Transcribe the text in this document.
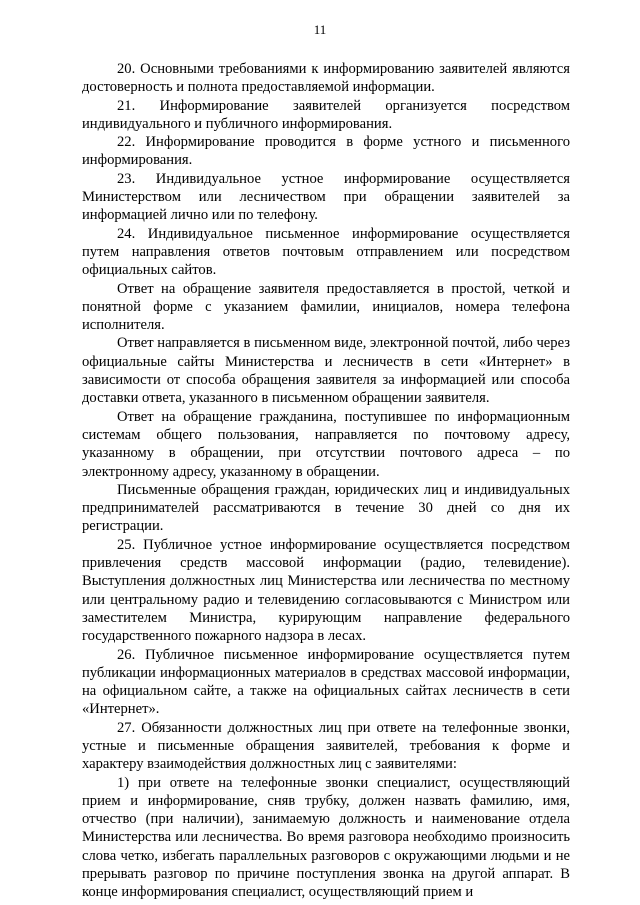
11

20. Основными требованиями к информированию заявителей являются достоверность и полнота предоставляемой информации.

21. Информирование заявителей организуется посредством индивидуального и публичного информирования.

22. Информирование проводится в форме устного и письменного информирования.

23. Индивидуальное устное информирование осуществляется Министерством или лесничеством при обращении заявителей за информацией лично или по телефону.

24. Индивидуальное письменное информирование осуществляется путем направления ответов почтовым отправлением или посредством официальных сайтов.

Ответ на обращение заявителя предоставляется в простой, четкой и понятной форме с указанием фамилии, инициалов, номера телефона исполнителя.

Ответ направляется в письменном виде, электронной почтой, либо через официальные сайты Министерства и лесничеств в сети «Интернет» в зависимости от способа обращения заявителя за информацией или способа доставки ответа, указанного в письменном обращении заявителя.

Ответ на обращение гражданина, поступившее по информационным системам общего пользования, направляется по почтовому адресу, указанному в обращении, при отсутствии почтового адреса – по электронному адресу, указанному в обращении.

Письменные обращения граждан, юридических лиц и индивидуальных предпринимателей рассматриваются в течение 30 дней со дня их регистрации.

25. Публичное устное информирование осуществляется посредством привлечения средств массовой информации (радио, телевидение). Выступления должностных лиц Министерства или лесничества по местному или центральному радио и телевидению согласовываются с Министром или заместителем Министра, курирующим направление федерального государственного пожарного надзора в лесах.

26. Публичное письменное информирование осуществляется путем публикации информационных материалов в средствах массовой информации, на официальном сайте, а также на официальных сайтах лесничеств в сети «Интернет».

27. Обязанности должностных лиц при ответе на телефонные звонки, устные и письменные обращения заявителей, требования к форме и характеру взаимодействия должностных лиц с заявителями:

1) при ответе на телефонные звонки специалист, осуществляющий прием и информирование, сняв трубку, должен назвать фамилию, имя, отчество (при наличии), занимаемую должность и наименование отдела Министерства или лесничества. Во время разговора необходимо произносить слова четко, избегать параллельных разговоров с окружающими людьми и не прерывать разговор по причине поступления звонка на другой аппарат. В конце информирования специалист, осуществляющий прием и
